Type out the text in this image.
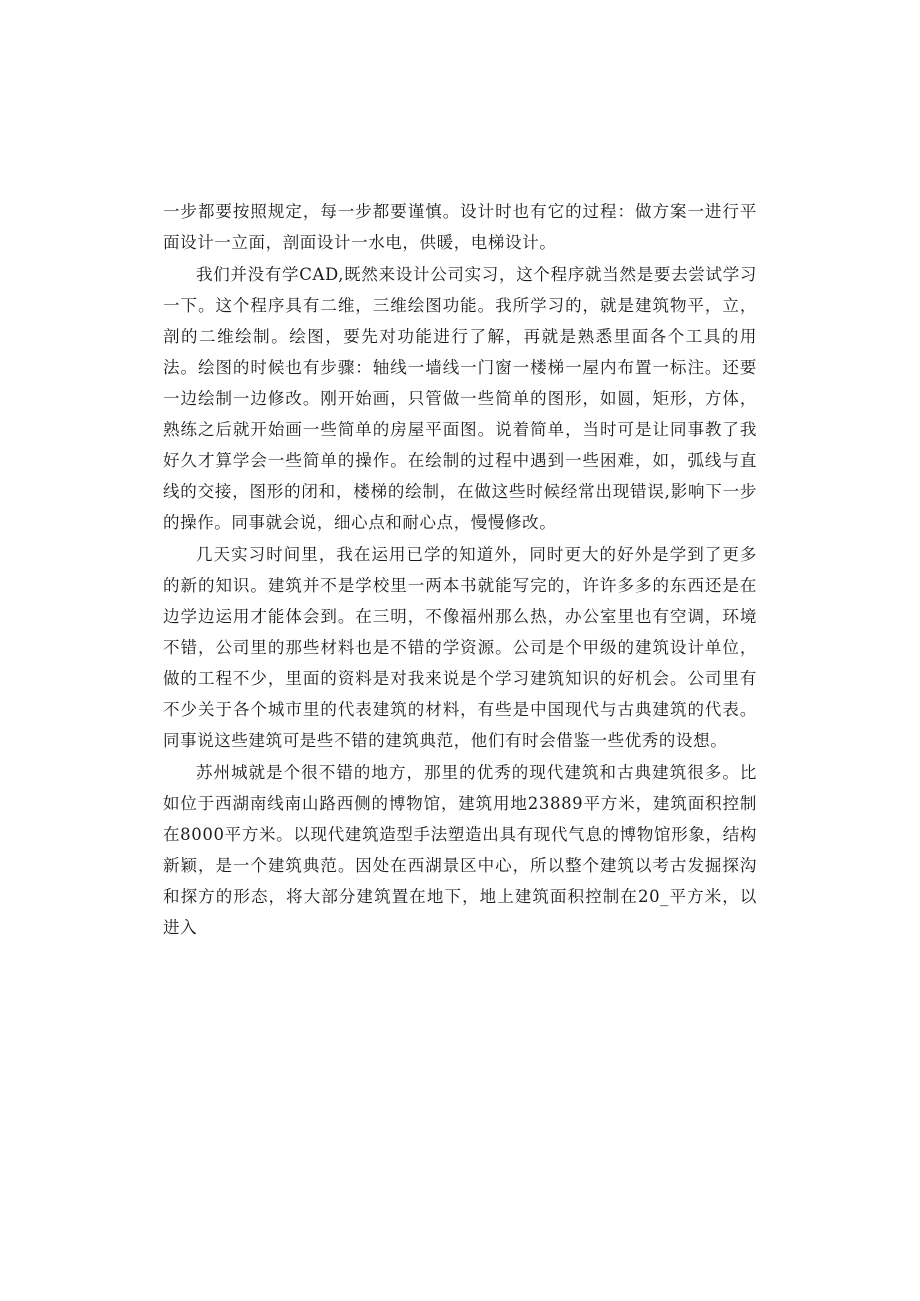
一步都要按照规定，每一步都要谨慎。设计时也有它的过程：做方案一进行平面设计一立面，剖面设计一水电，供暖，电梯设计。

我们并没有学CAD,既然来设计公司实习，这个程序就当然是要去尝试学习一下。这个程序具有二维，三维绘图功能。我所学习的，就是建筑物平，立，剖的二维绘制。绘图，要先对功能进行了解，再就是熟悉里面各个工具的用法。绘图的时候也有步骤：轴线一墙线一门窗一楼梯一屋内布置一标注。还要一边绘制一边修改。刚开始画，只管做一些简单的图形，如圆，矩形，方体，熟练之后就开始画一些简单的房屋平面图。说着简单，当时可是让同事教了我好久才算学会一些简单的操作。在绘制的过程中遇到一些困难，如，弧线与直线的交接，图形的闭和，楼梯的绘制，在做这些时候经常出现错误,影响下一步的操作。同事就会说，细心点和耐心点，慢慢修改。

几天实习时间里，我在运用已学的知道外，同时更大的好外是学到了更多的新的知识。建筑并不是学校里一两本书就能写完的，许许多多的东西还是在边学边运用才能体会到。在三明，不像福州那么热，办公室里也有空调，环境不错，公司里的那些材料也是不错的学资源。公司是个甲级的建筑设计单位，做的工程不少，里面的资料是对我来说是个学习建筑知识的好机会。公司里有不少关于各个城市里的代表建筑的材料，有些是中国现代与古典建筑的代表。同事说这些建筑可是些不错的建筑典范，他们有时会借鉴一些优秀的设想。

苏州城就是个很不错的地方，那里的优秀的现代建筑和古典建筑很多。比如位于西湖南线南山路西侧的博物馆，建筑用地23889平方米，建筑面积控制在8000平方米。以现代建筑造型手法塑造出具有现代气息的博物馆形象，结构新颖，是一个建筑典范。因处在西湖景区中心，所以整个建筑以考古发掘探沟和探方的形态，将大部分建筑置在地下，地上建筑面积控制在20_平方米，以进入
